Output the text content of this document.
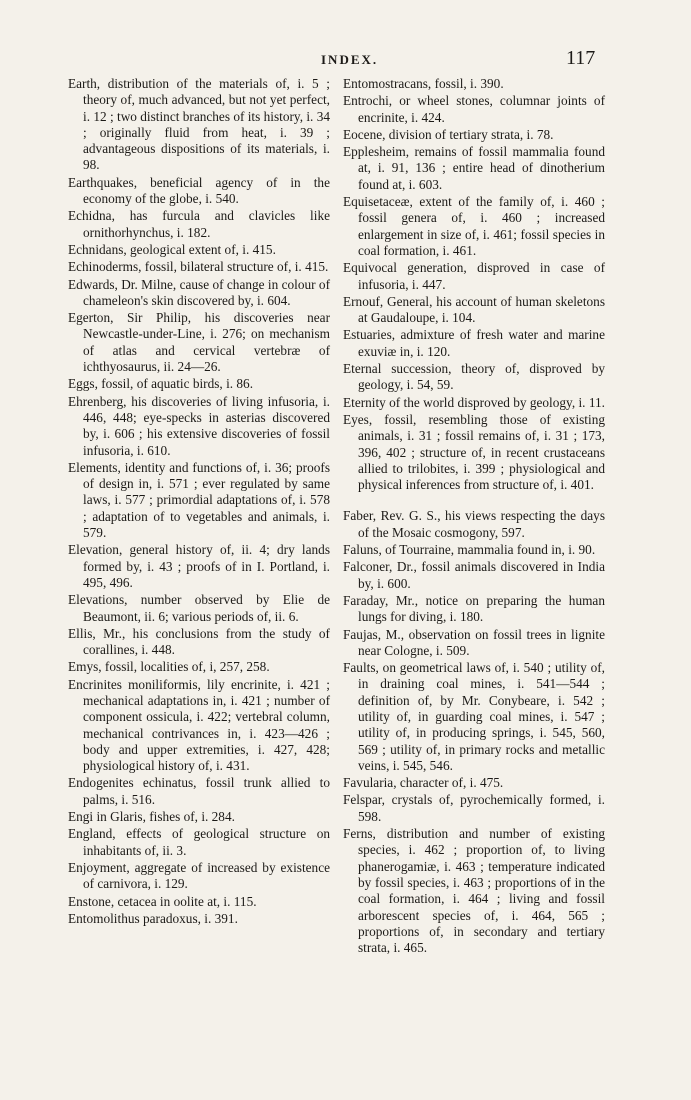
INDEX.	117

Earth, distribution of the materials of, i. 5 ; theory of, much advanced, but not yet perfect, i. 12 ; two distinct branches of its history, i. 34 ; originally fluid from heat, i. 39 ; advantageous dispositions of its materials, i. 98.

Earthquakes, beneficial agency of in the economy of the globe, i. 540.

Echidna, has furcula and clavicles like ornithorhynchus, i. 182.

Echnidans, geological extent of, i. 415.

Echinoderms, fossil, bilateral structure of, i. 415.

Edwards, Dr. Milne, cause of change in colour of chameleon's skin discovered by, i. 604.

Egerton, Sir Philip, his discoveries near Newcastle-under-Line, i. 276; on mechanism of atlas and cervical vertebræ of ichthyosaurus, ii. 24—26.

Eggs, fossil, of aquatic birds, i. 86.

Ehrenberg, his discoveries of living infusoria, i. 446, 448; eye-specks in asterias discovered by, i. 606 ; his extensive discoveries of fossil infusoria, i. 610.

Elements, identity and functions of, i. 36; proofs of design in, i. 571 ; ever regulated by same laws, i. 577 ; primordial adaptations of, i. 578 ; adaptation of to vegetables and animals, i. 579.

Elevation, general history of, ii. 4; dry lands formed by, i. 43 ; proofs of in I. Portland, i. 495, 496.

Elevations, number observed by Elie de Beaumont, ii. 6; various periods of, ii. 6.

Ellis, Mr., his conclusions from the study of corallines, i. 448.

Emys, fossil, localities of, i, 257, 258.

Encrinites moniliformis, lily encrinite, i. 421 ; mechanical adaptations in, i. 421 ; number of component ossicula, i. 422; vertebral column, mechanical contrivances in, i. 423—426 ; body and upper extremities, i. 427, 428; physiological history of, i. 431.

Endogenites echinatus, fossil trunk allied to palms, i. 516.

Engi in Glaris, fishes of, i. 284.

England, effects of geological structure on inhabitants of, ii. 3.

Enjoyment, aggregate of increased by existence of carnivora, i. 129.

Enstone, cetacea in oolite at, i. 115.

Entomolithus paradoxus, i. 391.

Entomostracans, fossil, i. 390.

Entrochi, or wheel stones, columnar joints of encrinite, i. 424.

Eocene, division of tertiary strata, i. 78.

Epplesheim, remains of fossil mammalia found at, i. 91, 136 ; entire head of dinotherium found at, i. 603.

Equisetaceæ, extent of the family of, i. 460 ; fossil genera of, i. 460 ; increased enlargement in size of, i. 461; fossil species in coal formation, i. 461.

Equivocal generation, disproved in case of infusoria, i. 447.

Ernouf, General, his account of human skeletons at Gaudaloupe, i. 104.

Estuaries, admixture of fresh water and marine exuviæ in, i. 120.

Eternal succession, theory of, disproved by geology, i. 54, 59.

Eternity of the world disproved by geology, i. 11.

Eyes, fossil, resembling those of existing animals, i. 31 ; fossil remains of, i. 31 ; 173, 396, 402 ; structure of, in recent crustaceans allied to trilobites, i. 399 ; physiological and physical inferences from structure of, i. 401.

Faber, Rev. G. S., his views respecting the days of the Mosaic cosmogony, 597.

Faluns, of Tourraine, mammalia found in, i. 90.

Falconer, Dr., fossil animals discovered in India by, i. 600.

Faraday, Mr., notice on preparing the human lungs for diving, i. 180.

Faujas, M., observation on fossil trees in lignite near Cologne, i. 509.

Faults, on geometrical laws of, i. 540 ; utility of, in draining coal mines, i. 541—544 ; definition of, by Mr. Conybeare, i. 542 ; utility of, in guarding coal mines, i. 547 ; utility of, in producing springs, i. 545, 560, 569 ; utility of, in primary rocks and metallic veins, i. 545, 546.

Favularia, character of, i. 475.

Felspar, crystals of, pyrochemically formed, i. 598.

Ferns, distribution and number of existing species, i. 462 ; proportion of, to living phanerogamiæ, i. 463 ; temperature indicated by fossil species, i. 463 ; proportions of in the coal formation, i. 464 ; living and fossil arborescent species of, i. 464, 565 ; proportions of, in secondary and tertiary strata, i. 465.
